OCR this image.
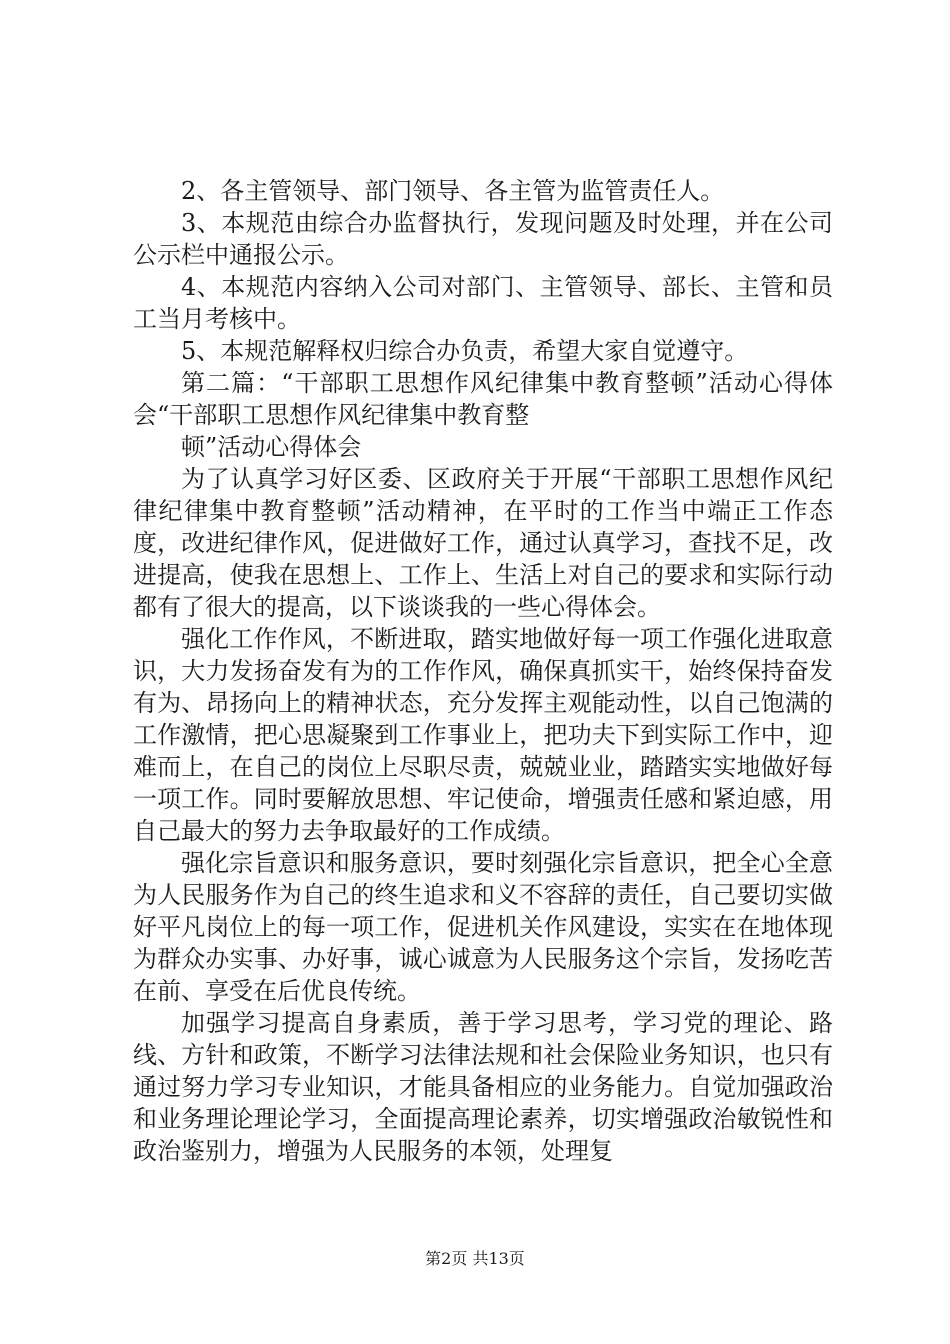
2、各主管领导、部门领导、各主管为监管责任人。

3、本规范由综合办监督执行，发现问题及时处理，并在公司公示栏中通报公示。

4、本规范内容纳入公司对部门、主管领导、部长、主管和员工当月考核中。

5、本规范解释权归综合办负责，希望大家自觉遵守。

第二篇：“干部职工思想作风纪律集中教育整顿”活动心得体会“干部职工思想作风纪律集中教育整

顿”活动心得体会

为了认真学习好区委、区政府关于开展“干部职工思想作风纪律纪律集中教育整顿”活动精神，在平时的工作当中端正工作态度，改进纪律作风，促进做好工作，通过认真学习，查找不足，改进提高，使我在思想上、工作上、生活上对自己的要求和实际行动都有了很大的提高，以下谈谈我的一些心得体会。

强化工作作风，不断进取，踏实地做好每一项工作强化进取意识，大力发扬奋发有为的工作作风，确保真抓实干，始终保持奋发有为、昂扬向上的精神状态，充分发挥主观能动性，以自己饱满的工作激情，把心思凝聚到工作事业上，把功夫下到实际工作中，迎难而上，在自己的岗位上尽职尽责，兢兢业业，踏踏实实地做好每一项工作。同时要解放思想、牢记使命，增强责任感和紧迫感，用自己最大的努力去争取最好的工作成绩。

强化宗旨意识和服务意识，要时刻强化宗旨意识，把全心全意为人民服务作为自己的终生追求和义不容辞的责任，自己要切实做好平凡岗位上的每一项工作，促进机关作风建设，实实在在地体现为群众办实事、办好事，诚心诚意为人民服务这个宗旨，发扬吃苦在前、享受在后优良传统。

加强学习提高自身素质，善于学习思考，学习党的理论、路线、方针和政策，不断学习法律法规和社会保险业务知识，也只有通过努力学习专业知识，才能具备相应的业务能力。自觉加强政治和业务理论理论学习，全面提高理论素养，切实增强政治敏锐性和政治鉴别力，增强为人民服务的本领，处理复

第2页 共13页
